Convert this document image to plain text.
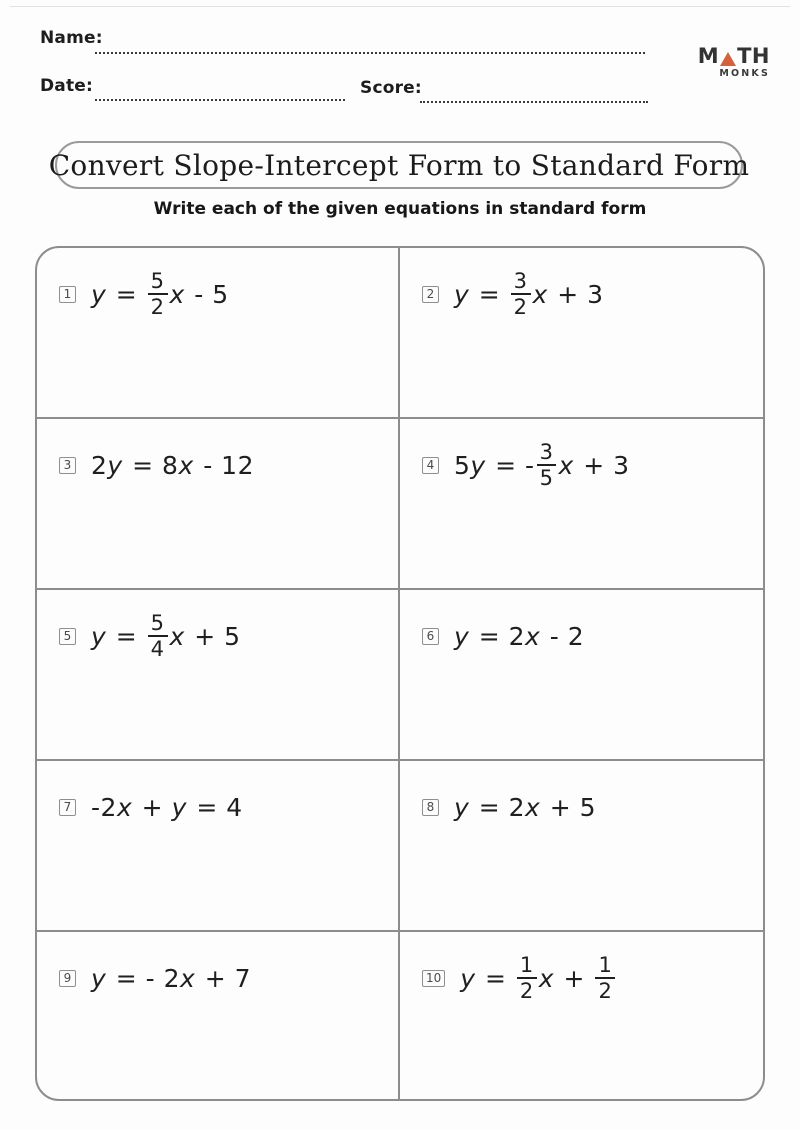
Name:
Date:	Score:
M TH
MONKS
Convert Slope-Intercept Form to Standard Form
Write each of the given equations in standard form
1 $y = \frac{5}{2}$ x - 5	2 $y = \frac{3}{2}$ x + 3
3 2 y = 8 x - 12	4 5 y = - $\frac{3}{5}$ x + 3
5 $y = \frac{5}{4}$ x + 5	6 y = 2 x - 2
7 -2 x + y = 4	8 y = 2 x + 5
9 y = - 2 x + 7	10 $y = \frac{1}{2}$ $x + \frac{1}{2}$
